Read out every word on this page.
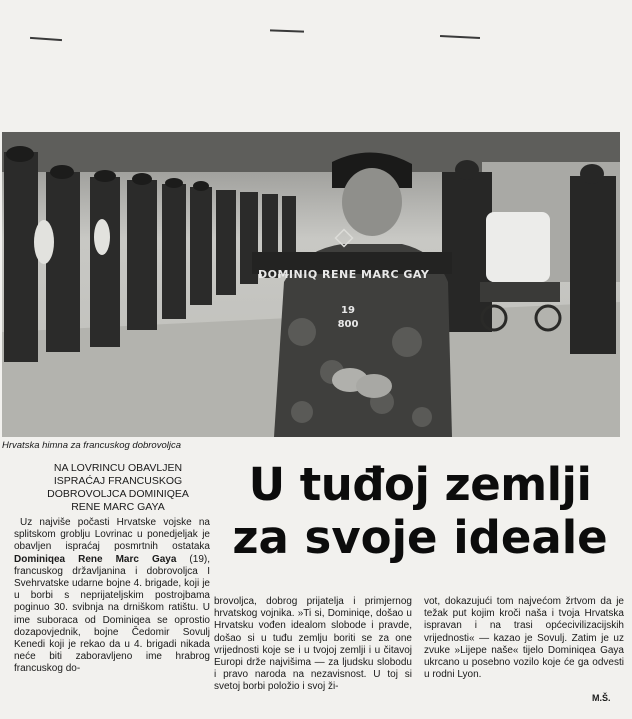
DOMINIQ RENE MARC GAY
19
800
Hrvatska himna za francuskog dobrovoljca
NA LOVRINCU OBAVLJEN ISPRAĆAJ FRANCUSKOG DOBROVOLJCA DOMINIQEA RENE MARC GAYA	U tuđoj zemlji
za svoje ideale

Uz najviše počasti Hrvatske vojske na splitskom groblju Lovrinac u ponedjeljak je obavljen ispraćaj posmrtnih ostataka Dominiqea Rene Marc Gaya (19), francuskog državljanina i dobrovoljca I Svehrvatske udarne bojne 4. brigade, koji je u borbi s neprijateljskim postrojbama poginuo 30. svibnja na drniškom ratištu. U ime suboraca od Dominiqea se oprostio dozapovjednik, bojne Čedomir Sovulj Kenedi koji je rekao da u 4. brigadi nikada neće biti zaboravljeno ime hrabrog francuskog do-

brovoljca, dobrog prijatelja i primjernog hrvatskog vojnika. »Ti si, Dominiqe, došao u Hrvatsku vođen idealom slobode i pravde, došao si u tuđu zemlju boriti se za one vrijednosti koje se i u tvojoj zemlji i u čitavoj Europi drže najvišima — za ljudsku slobodu i pravo naroda na nezavisnost. U toj si svetoj borbi položio i svoj ži-

vot, dokazujući tom najvećom žrtvom da je težak put kojim kroči naša i tvoja Hrvatska ispravan i na trasi općecivilizacijskih vrijednosti« — kazao je Sovulj. Zatim je uz zvuke »Lijepe naše« tijelo Dominiqea Gaya ukrcano u posebno vozilo koje će ga odvesti u rodni Lyon.

M.Š.
